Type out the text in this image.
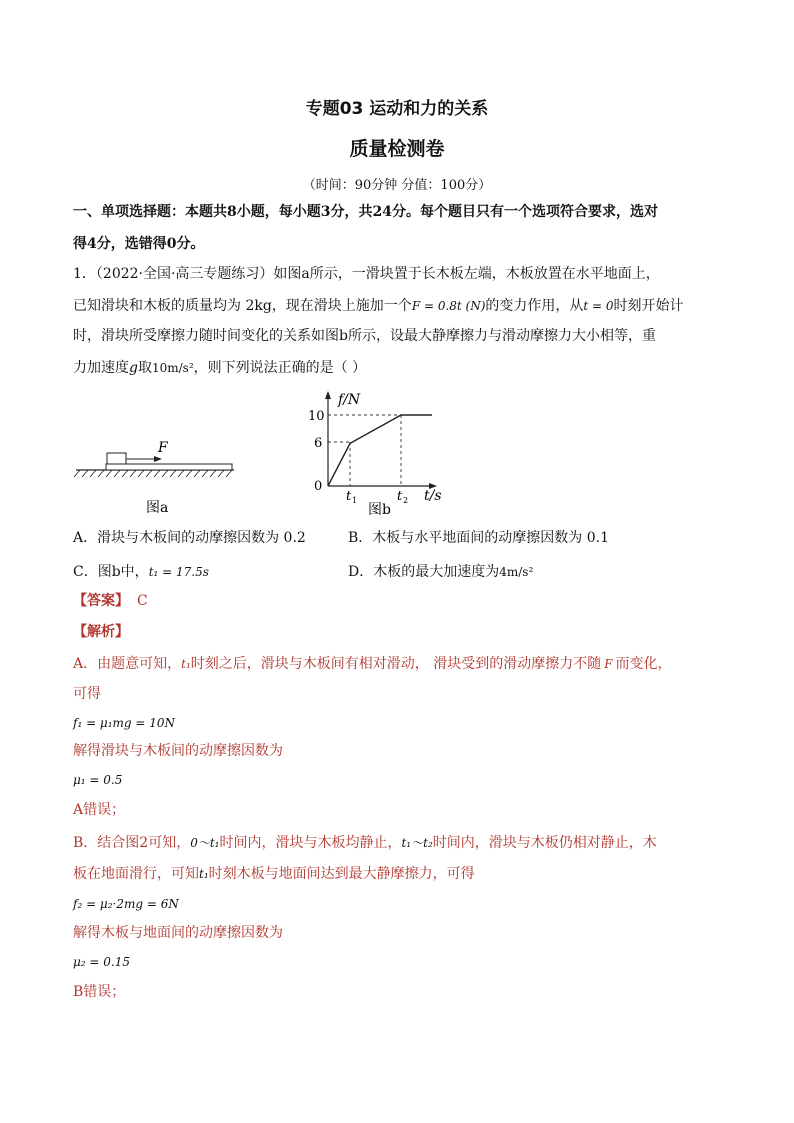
专题03 运动和力的关系
质量检测卷
（时间：90分钟 分值：100分）
一、单项选择题：本题共8小题，每小题3分，共24分。每个题目只有一个选项符合要求，选对
得4分，选错得0分。
1．（2022·全国·高三专题练习）如图a所示，一滑块置于长木板左端，木板放置在水平地面上，
已知滑块和木板的质量均为 2kg，现在滑块上施加一个F = 0.8t (N)的变力作用，从t = 0时刻开始计
时，滑块所受摩擦力随时间变化的关系如图b所示，设最大静摩擦力与滑动摩擦力大小相等，重
力加速度g取10m/s²，则下列说法正确的是（ ）
F
图a
f/N
10
6
0
t 1	t 2 t/s
图b
A．滑块与木板间的动摩擦因数为 0.2	B．木板与水平地面间的动摩擦因数为 0.1
C．图b中，t₁ = 17.5s	D．木板的最大加速度为4m/s²
【答案】 C
【解析】
A．由题意可知，t₁时刻之后，滑块与木板间有相对滑动， 滑块受到的滑动摩擦力不随 F 而变化，
可得
f₁ = μ₁mg = 10N
解得滑块与木板间的动摩擦因数为
μ₁ = 0.5
A错误；
B．结合图2可知，0～t₁时间内，滑块与木板均静止，t₁～t₂时间内，滑块与木板仍相对静止，木
板在地面滑行，可知t₁时刻木板与地面间达到最大静摩擦力，可得
f₂ = μ₂·2mg = 6N
解得木板与地面间的动摩擦因数为
μ₂ = 0.15
B错误；
